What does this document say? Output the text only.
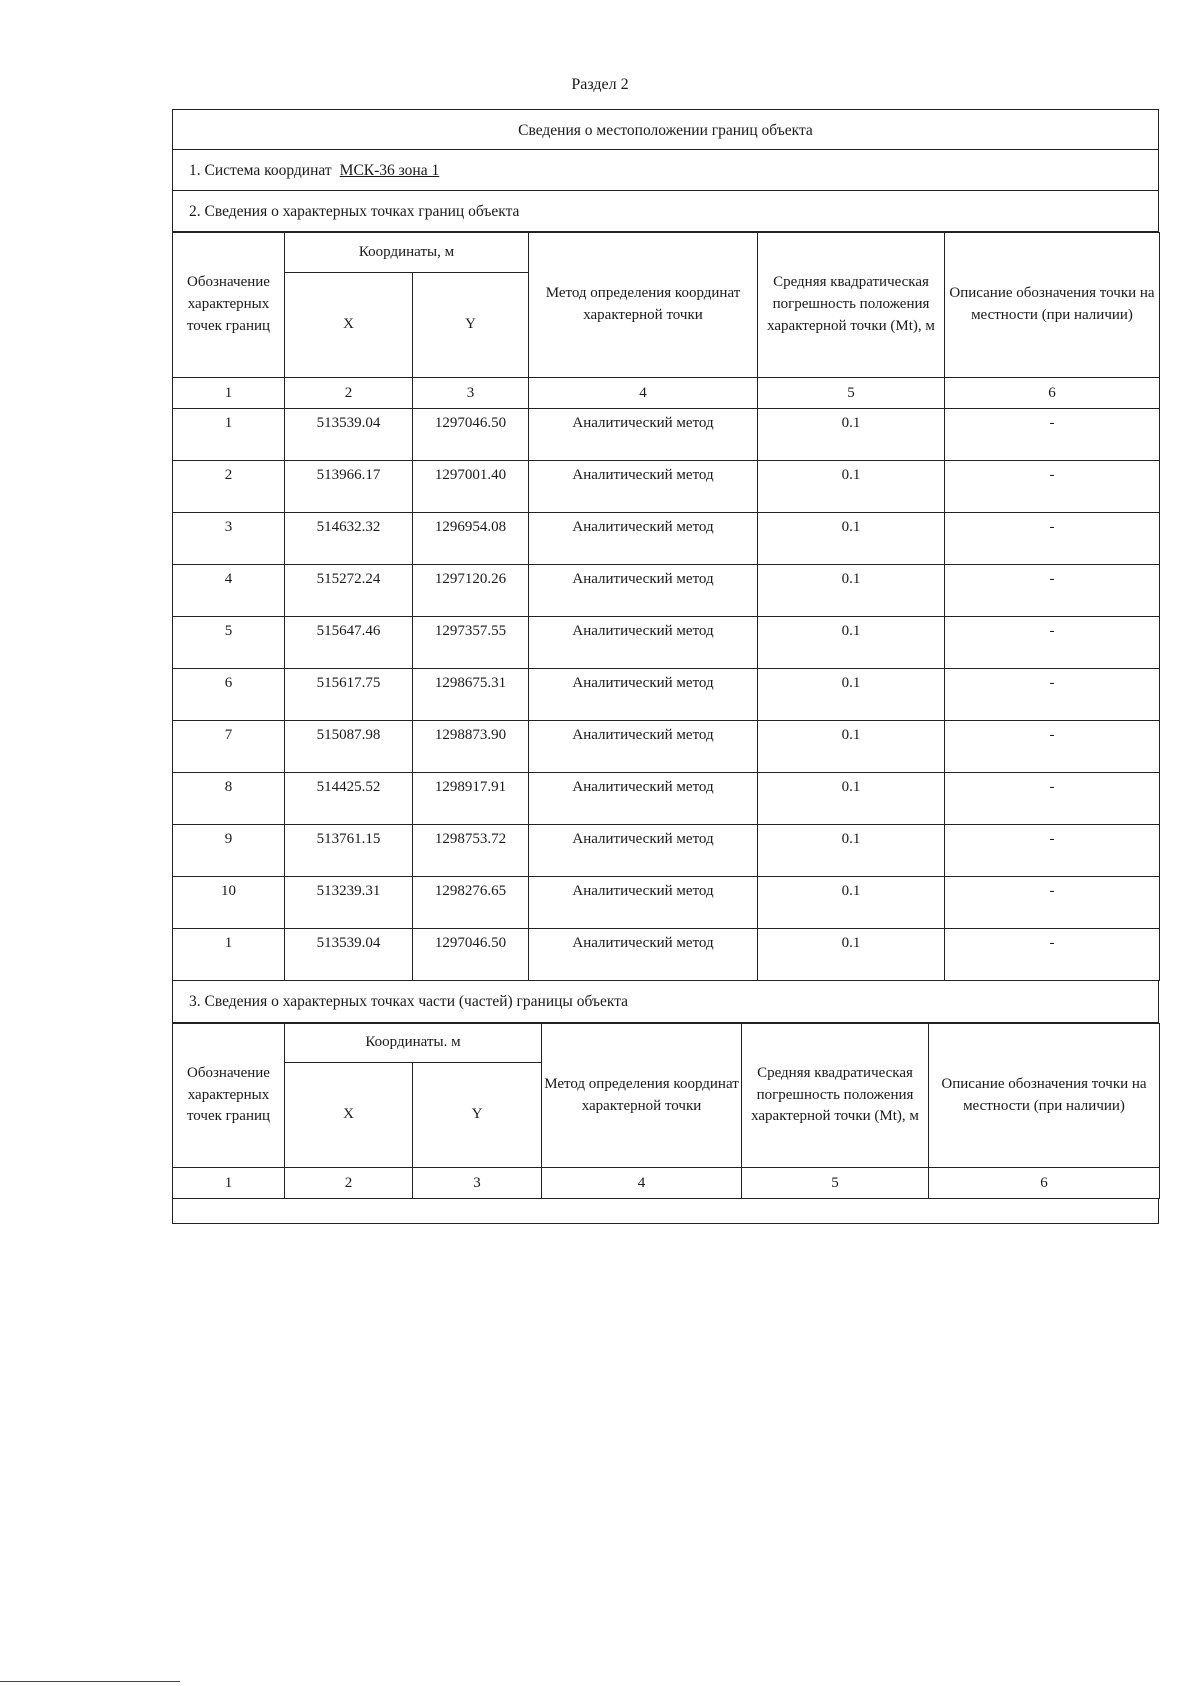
Раздел 2
Сведения о местоположении границ объекта
1. Система координат МСК-36 зона 1
2. Сведения о характерных точках границ объекта
Обозначение характерных точек границ	Координаты, м		Метод определения координат характерной точки	Средняя квадратическая погрешность положения характерной точки (Mt), м	Описание обозначения точки на местности (при наличии)
	X	Y			
1	2	3	4	5	6
1	513539.04	1297046.50	Аналитический метод	0.1	-
2	513966.17	1297001.40	Аналитический метод	0.1	-
3	514632.32	1296954.08	Аналитический метод	0.1	-
4	515272.24	1297120.26	Аналитический метод	0.1	-
5	515647.46	1297357.55	Аналитический метод	0.1	-
6	515617.75	1298675.31	Аналитический метод	0.1	-
7	515087.98	1298873.90	Аналитический метод	0.1	-
8	514425.52	1298917.91	Аналитический метод	0.1	-
9	513761.15	1298753.72	Аналитический метод	0.1	-
10	513239.31	1298276.65	Аналитический метод	0.1	-
1	513539.04	1297046.50	Аналитический метод	0.1	-
3. Сведения о характерных точках части (частей) границы объекта
Обозначение характерных точек границ	Координаты. м		Метод определения координат характерной точки	Средняя квадратическая погрешность положения характерной точки (Mt), м	Описание обозначения точки на местности (при наличии)
	X	Y			
1	2	3	4	5	6
